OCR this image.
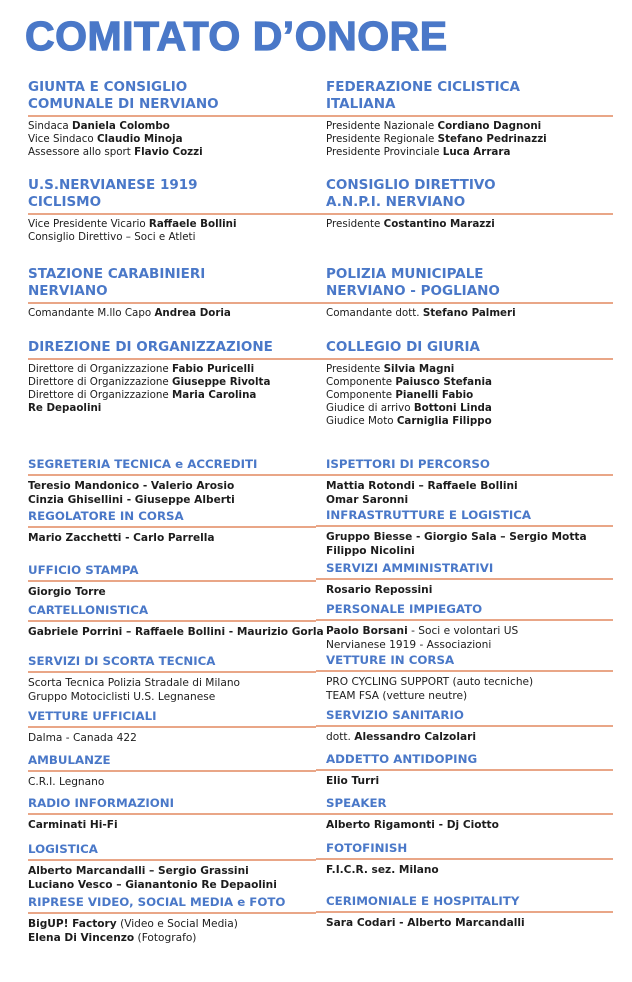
COMITATO D’ONORE
GIUNTA E CONSIGLIO
COMUNALE DI NERVIANO
Sindaca Daniela Colombo
Vice Sindaco Claudio Minoja
Assessore allo sport Flavio Cozzi
FEDERAZIONE CICLISTICA
ITALIANA
Presidente Nazionale Cordiano Dagnoni
Presidente Regionale Stefano Pedrinazzi
Presidente Provinciale Luca Arrara
U.S.NERVIANESE 1919
CICLISMO
Vice Presidente Vicario Raffaele Bollini
Consiglio Direttivo – Soci e Atleti
CONSIGLIO DIRETTIVO
A.N.P.I. NERVIANO
Presidente Costantino Marazzi
STAZIONE CARABINIERI
NERVIANO
Comandante M.llo Capo Andrea Doria
POLIZIA MUNICIPALE
NERVIANO - POGLIANO
Comandante dott. Stefano Palmeri
DIREZIONE DI ORGANIZZAZIONE
Direttore di Organizzazione Fabio Puricelli
Direttore di Organizzazione Giuseppe Rivolta
Direttore di Organizzazione Maria Carolina
Re Depaolini
COLLEGIO DI GIURIA
Presidente Silvia Magni
Componente Paiusco Stefania
Componente Pianelli Fabio
Giudice di arrivo Bottoni Linda
Giudice Moto Carniglia Filippo
SEGRETERIA TECNICA e ACCREDITI
Teresio Mandonico - Valerio Arosio
Cinzia Ghisellini - Giuseppe Alberti
REGOLATORE IN CORSA
Mario Zacchetti - Carlo Parrella
UFFICIO STAMPA
Giorgio Torre
CARTELLONISTICA
Gabriele Porrini – Raffaele Bollini - Maurizio Gorla
SERVIZI DI SCORTA TECNICA
Scorta Tecnica Polizia Stradale di Milano
Gruppo Motociclisti U.S. Legnanese
VETTURE UFFICIALI
Dalma - Canada 422
AMBULANZE
C.R.I. Legnano
RADIO INFORMAZIONI
Carminati Hi-Fi
LOGISTICA
Alberto Marcandalli – Sergio Grassini
Luciano Vesco – Gianantonio Re Depaolini
RIPRESE VIDEO, SOCIAL MEDIA e FOTO
BigUP! Factory (Video e Social Media)
Elena Di Vincenzo (Fotografo)
ISPETTORI DI PERCORSO
Mattia Rotondi – Raffaele Bollini
Omar Saronni
INFRASTRUTTURE E LOGISTICA
Gruppo Biesse - Giorgio Sala – Sergio Motta
Filippo Nicolini
SERVIZI AMMINISTRATIVI
Rosario Repossini
PERSONALE IMPIEGATO
Paolo Borsani - Soci e volontari US
Nervianese 1919 - Associazioni
VETTURE IN CORSA
PRO CYCLING SUPPORT (auto tecniche)
TEAM FSA (vetture neutre)
SERVIZIO SANITARIO
dott. Alessandro Calzolari
ADDETTO ANTIDOPING
Elio Turri
SPEAKER
Alberto Rigamonti - Dj Ciotto
FOTOFINISH
F.I.C.R. sez. Milano
CERIMONIALE E HOSPITALITY
Sara Codari - Alberto Marcandalli
